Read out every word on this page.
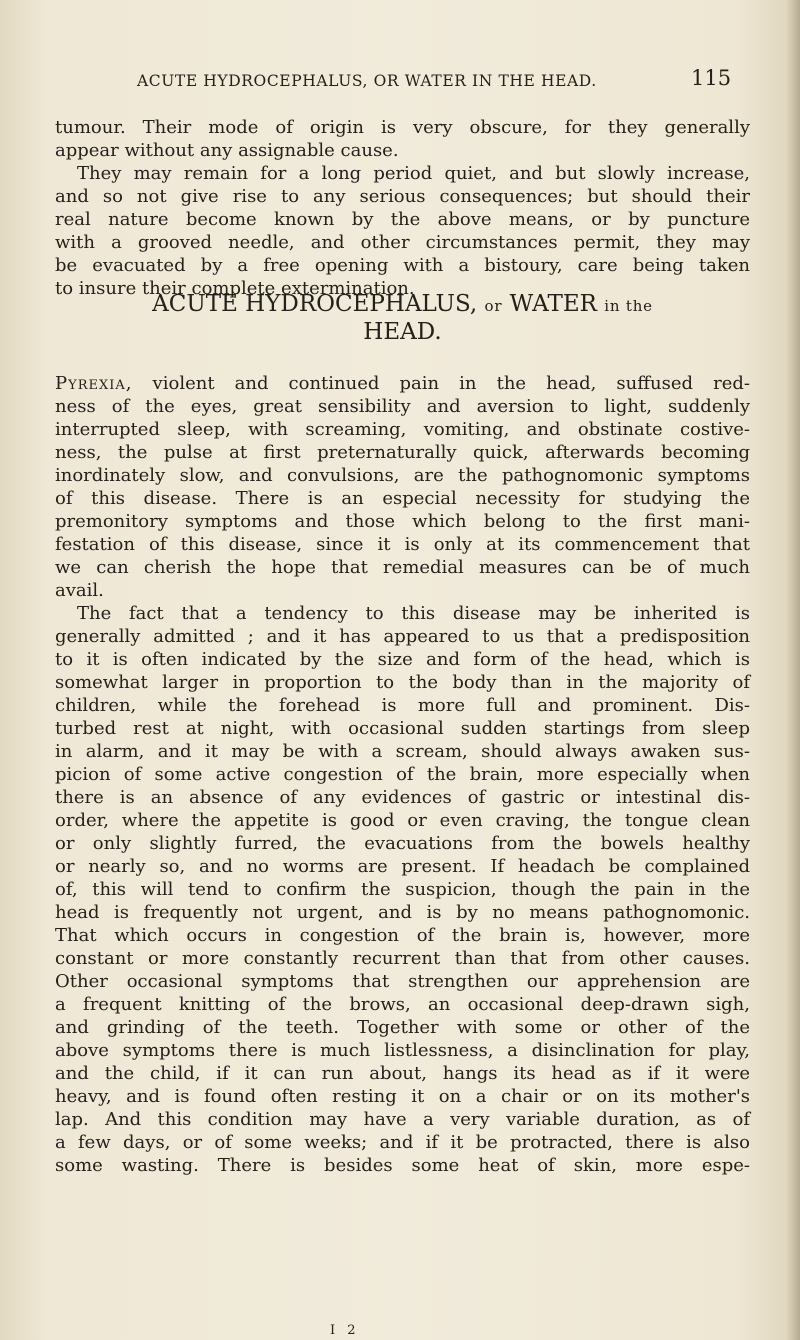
ACUTE HYDROCEPHALUS, OR WATER IN THE HEAD.	115
tumour. Their mode of origin is very obscure, for they generally
appear without any assignable cause.
They may remain for a long period quiet, and but slowly increase,
and so not give rise to any serious consequences; but should their
real nature become known by the above means, or by puncture
with a grooved needle, and other circumstances permit, they may
be evacuated by a free opening with a bistoury, care being taken
to insure their complete extermination.
ACUTE HYDROCEPHALUS, or WATER in the
HEAD.
Pyrexia, violent and continued pain in the head, suffused red-
ness of the eyes, great sensibility and aversion to light, suddenly
interrupted sleep, with screaming, vomiting, and obstinate costive-
ness, the pulse at first preternaturally quick, afterwards becoming
inordinately slow, and convulsions, are the pathognomonic symptoms
of this disease. There is an especial necessity for studying the
premonitory symptoms and those which belong to the first mani-
festation of this disease, since it is only at its commencement that
we can cherish the hope that remedial measures can be of much
avail.
The fact that a tendency to this disease may be inherited is
generally admitted ; and it has appeared to us that a predisposition
to it is often indicated by the size and form of the head, which is
somewhat larger in proportion to the body than in the majority of
children, while the forehead is more full and prominent. Dis-
turbed rest at night, with occasional sudden startings from sleep
in alarm, and it may be with a scream, should always awaken sus-
picion of some active congestion of the brain, more especially when
there is an absence of any evidences of gastric or intestinal dis-
order, where the appetite is good or even craving, the tongue clean
or only slightly furred, the evacuations from the bowels healthy
or nearly so, and no worms are present. If headach be complained
of, this will tend to confirm the suspicion, though the pain in the
head is frequently not urgent, and is by no means pathognomonic.
That which occurs in congestion of the brain is, however, more
constant or more constantly recurrent than that from other causes.
Other occasional symptoms that strengthen our apprehension are
a frequent knitting of the brows, an occasional deep-drawn sigh,
and grinding of the teeth. Together with some or other of the
above symptoms there is much listlessness, a disinclination for play,
and the child, if it can run about, hangs its head as if it were
heavy, and is found often resting it on a chair or on its mother's
lap. And this condition may have a very variable duration, as of
a few days, or of some weeks; and if it be protracted, there is also
some wasting. There is besides some heat of skin, more espe-
I 2
